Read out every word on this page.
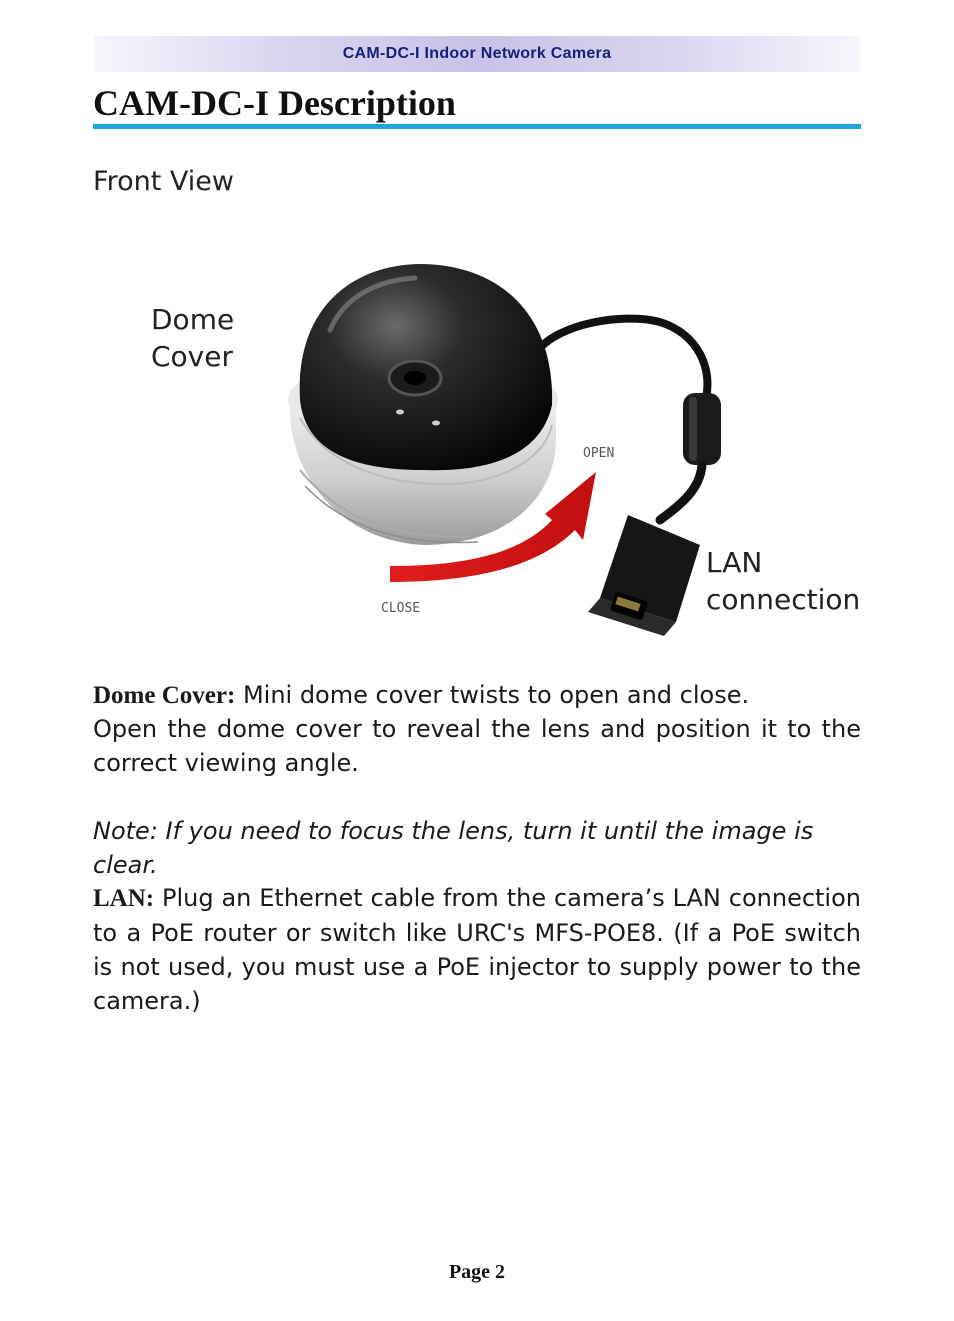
CAM-DC-I Indoor Network Camera
CAM-DC-I Description
Front View
Dome
Cover
LAN
connection
OPEN
CLOSE

Dome Cover: Mini dome cover twists to open and close.

Open the dome cover to reveal the lens and position it to the correct viewing angle.

Note: If you need to focus the lens, turn it until the image is clear.

LAN: Plug an Ethernet cable from the camera’s LAN connection to a PoE router or switch like URC's MFS-POE8. (If a PoE switch is not used, you must use a PoE injector to supply power to the camera.)

Page 2
